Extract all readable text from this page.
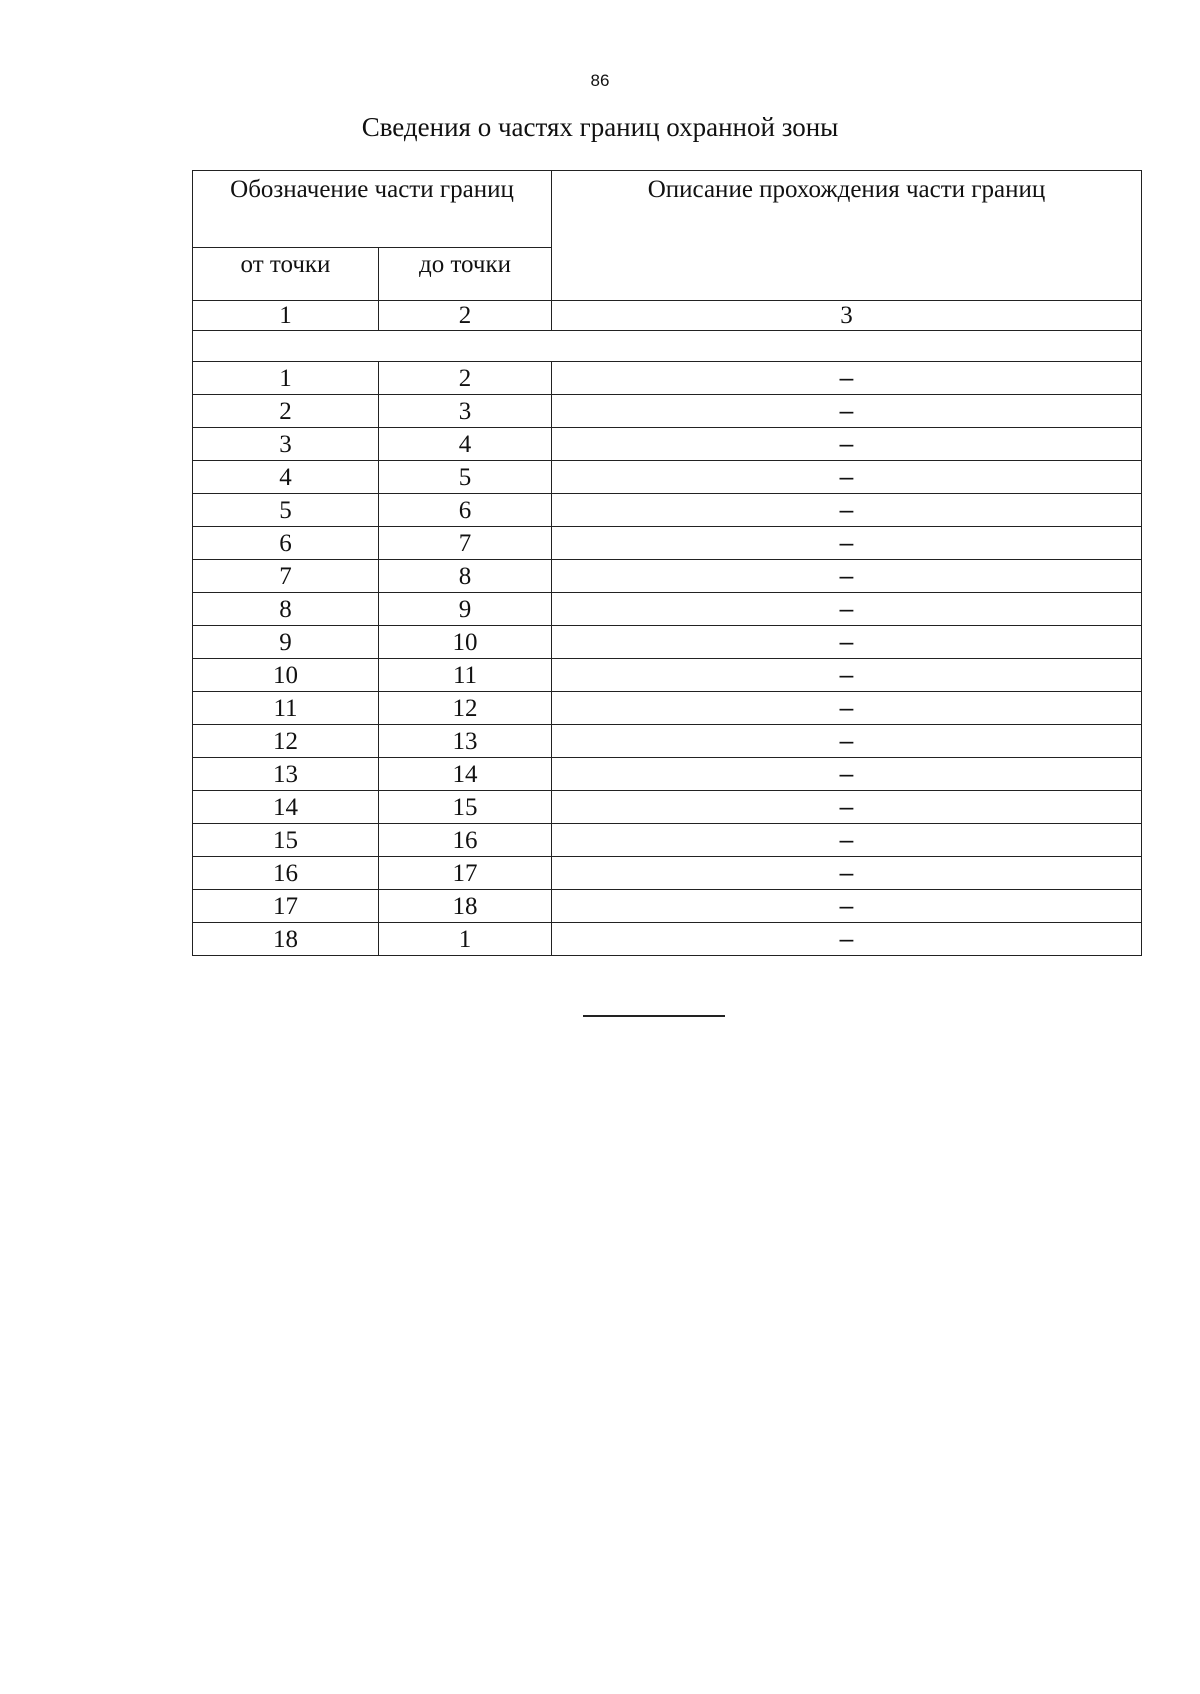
86
Сведения о частях границ охранной зоны
Обозначение части границ		Описание прохождения части границ
от точки	до точки	
1	2	3

1	2	–
2	3	–
3	4	–
4	5	–
5	6	–
6	7	–
7	8	–
8	9	–
9	10	–
10	11	–
11	12	–
12	13	–
13	14	–
14	15	–
15	16	–
16	17	–
17	18	–
18	1	–
